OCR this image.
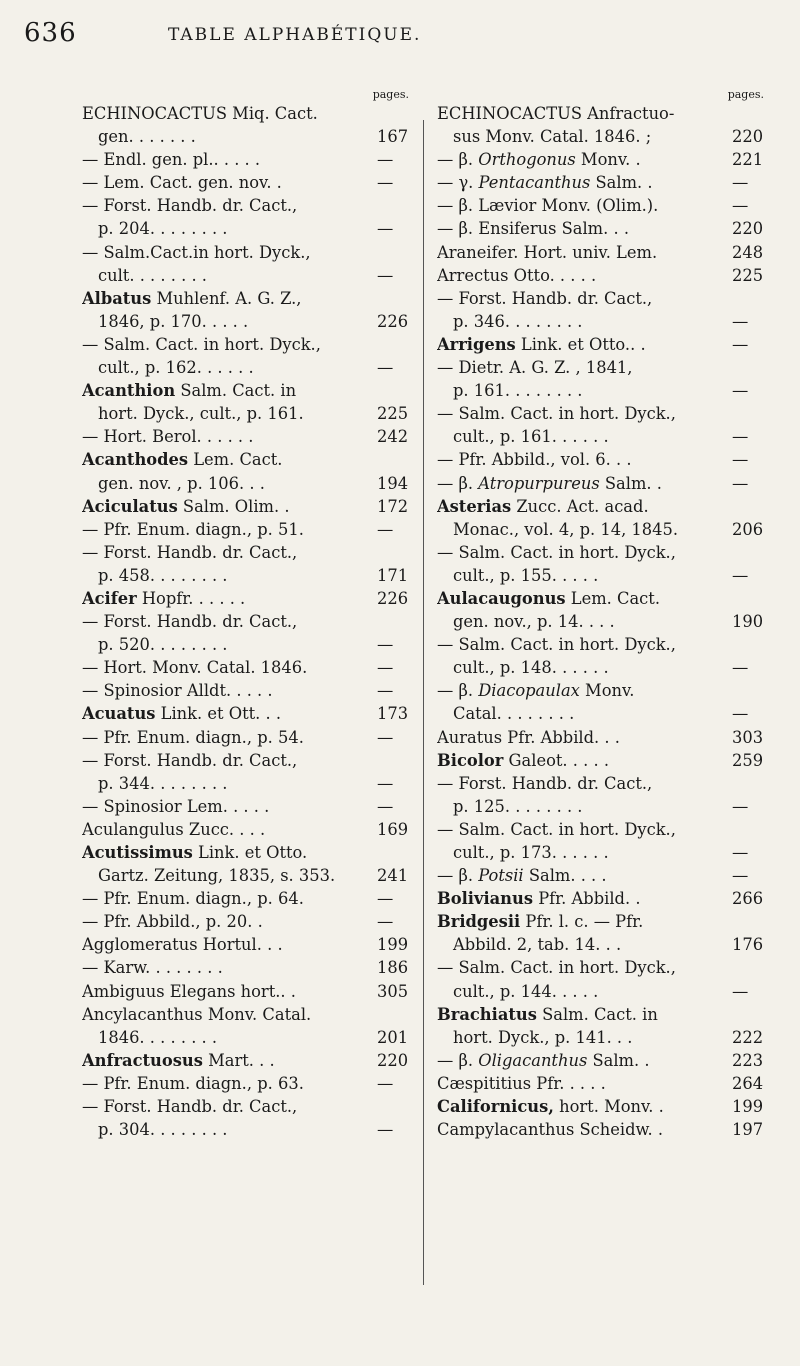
636	TABLE ALPHABÉTIQUE.
pages.
ECHINOCACTUS Miq. Cact.
gen. . . . . . .	167
— Endl. gen. pl.. . . . .	—
— Lem. Cact. gen. nov. .	—
— Forst. Handb. dr. Cact.,
p. 204. . . . . . . .	—
— Salm.Cact.in hort. Dyck.,
cult. . . . . . . .	—
Albatus Muhlenf. A. G. Z.,
1846, p. 170. . . . .	226
— Salm. Cact. in hort. Dyck.,
cult., p. 162. . . . . .	—
Acanthion Salm. Cact. in
hort. Dyck., cult., p. 161.	225
— Hort. Berol. . . . . .	242
Acanthodes Lem. Cact.
gen. nov. , p. 106. . .	194
Aciculatus Salm. Olim. .	172
— Pfr. Enum. diagn., p. 51.	—
— Forst. Handb. dr. Cact.,
p. 458. . . . . . . .	171
Acifer Hopfr. . . . . .	226
— Forst. Handb. dr. Cact.,
p. 520. . . . . . . .	—
— Hort. Monv. Catal. 1846.	—
— Spinosior Alldt. . . . .	—
Acuatus Link. et Ott. . .	173
— Pfr. Enum. diagn., p. 54.	—
— Forst. Handb. dr. Cact.,
p. 344. . . . . . . .	—
— Spinosior Lem. . . . .	—
Aculangulus Zucc. . . .	169
Acutissimus Link. et Otto.
Gartz. Zeitung, 1835, s. 353.	241
— Pfr. Enum. diagn., p. 64.	—
— Pfr. Abbild., p. 20. .	—
Agglomeratus Hortul. . .	199
— Karw. . . . . . . .	186
Ambiguus Elegans hort.. .	305
Ancylacanthus Monv. Catal.
1846. . . . . . . .	201
Anfractuosus Mart. . .	220
— Pfr. Enum. diagn., p. 63.	—
— Forst. Handb. dr. Cact.,
p. 304. . . . . . . .	—
pages.
ECHINOCACTUS Anfractuo-
sus Monv. Catal. 1846. ;	220
— β. Orthogonus Monv. .	221
— γ. Pentacanthus Salm. .	—
— β. Lævior Monv. (Olim.).	—
— β. Ensiferus Salm. . .	220
Araneifer. Hort. univ. Lem.	248
Arrectus Otto. . . . .	225
— Forst. Handb. dr. Cact.,
p. 346. . . . . . . .	—
Arrigens Link. et Otto.. .	—
— Dietr. A. G. Z. , 1841,
p. 161. . . . . . . .	—
— Salm. Cact. in hort. Dyck.,
cult., p. 161. . . . . .	—
— Pfr. Abbild., vol. 6. . .	—
— β. Atropurpureus Salm. .	—
Asterias Zucc. Act. acad.
Monac., vol. 4, p. 14, 1845.	206
— Salm. Cact. in hort. Dyck.,
cult., p. 155. . . . .	—
Aulacaugonus Lem. Cact.
gen. nov., p. 14. . . .	190
— Salm. Cact. in hort. Dyck.,
cult., p. 148. . . . . .	—
— β. Diacopaulax Monv.
Catal. . . . . . . .	—
Auratus Pfr. Abbild. . .	303
Bicolor Galeot. . . . .	259
— Forst. Handb. dr. Cact.,
p. 125. . . . . . . .	—
— Salm. Cact. in hort. Dyck.,
cult., p. 173. . . . . .	—
— β. Potsii Salm. . . .	—
Bolivianus Pfr. Abbild. .	266
Bridgesii Pfr. l. c. — Pfr.
Abbild. 2, tab. 14. . .	176
— Salm. Cact. in hort. Dyck.,
cult., p. 144. . . . .	—
Brachiatus Salm. Cact. in
hort. Dyck., p. 141. . .	222
— β. Oligacanthus Salm. .	223
Cæspititius Pfr. . . . .	264
Californicus, hort. Monv. .	199
Campylacanthus Scheidw. .	197
